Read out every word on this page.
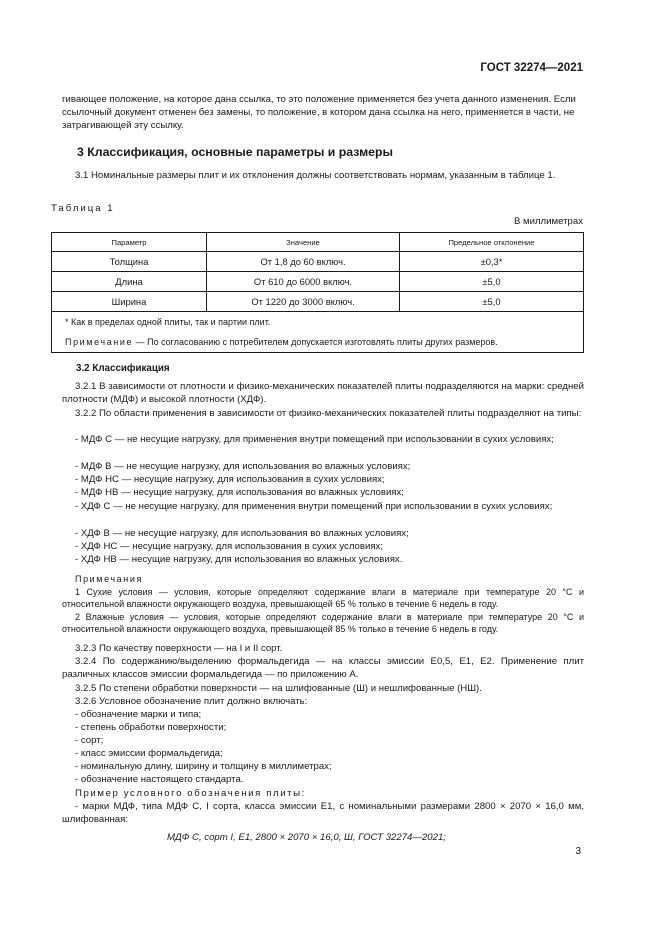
ГОСТ 32274—2021

гивающее положение, на которое дана ссылка, то это положение применяется без учета данного изменения. Если

ссылочный документ отменен без замены, то положение, в котором дана ссылка на него, применяется в части, не

затрагивающей эту ссылку.

3 Классификация, основные параметры и размеры

3.1 Номинальные размеры плит и их отклонения должны соответствовать нормам, указанным в таблице 1.

Таблица 1
В миллиметрах
Параметр	Значение	Предельное отклонение
Толщина	От 1,8 до 60 включ.	±0,3*
Длина	От 610 до 6000 включ.	±5,0
Ширина	От 1220 до 3000 включ.	±5,0
* Как в пределах одной плиты, так и партии плит.		
Примечание — По согласованию с потребителем допускается изготовлять плиты других размеров.		
3.2 Классификация

3.2.1 В зависимости от плотности и физико-механических показателей плиты подразделяются на марки: средней плотности (МДФ) и высокой плотности (ХДФ).

3.2.2 По области применения в зависимости от физико-механических показателей плиты подразделяют на типы:

- МДФ С — не несущие нагрузку, для применения внутри помещений при использовании в сухих условиях;

- МДФ В — не несущие нагрузку, для использования во влажных условиях;

- МДФ НС — несущие нагрузку, для использования в сухих условиях;

- МДФ НВ — несущие нагрузку, для использования во влажных условиях;

- ХДФ С — не несущие нагрузку, для применения внутри помещений при использовании в сухих условиях;

- ХДФ В — не несущие нагрузку, для использования во влажных условиях;

- ХДФ НС — несущие нагрузку, для использования в сухих условиях;

- ХДФ НВ — несущие нагрузку, для использования во влажных условиях.

Примечания

1 Сухие условия — условия, которые определяют содержание влаги в материале при температуре 20 °С и относительной влажности окружающего воздуха, превышающей 65 % только в течение 6 недель в году.

2 Влажные условия — условия, которые определяют содержание влаги в материале при температуре 20 °С и относительной влажности окружающего воздуха, превышающей 85 % только в течение 6 недель в году.

3.2.3 По качеству поверхности — на I и II сорт.

3.2.4 По содержанию/выделению формальдегида — на классы эмиссии Е0,5, Е1, Е2. Применение плит различных классов эмиссии формальдегида — по приложению А.

3.2.5 По степени обработки поверхности — на шлифованные (Ш) и нешлифованные (НШ).

3.2.6 Условное обозначение плит должно включать:

- обозначение марки и типа;

- степень обработки поверхности;

- сорт;

- класс эмиссии формальдегида;

- номинальную длину, ширину и толщину в миллиметрах;

- обозначение настоящего стандарта.

Пример условного обозначения плиты:

- марки МДФ, типа МДФ С, I сорта, класса эмиссии Е1, с номинальными размерами 2800 × 2070 × 16,0 мм, шлифованная:

МДФ С, сорт I, Е1, 2800 × 2070 × 16,0, Ш, ГОСТ 32274—2021;
3
